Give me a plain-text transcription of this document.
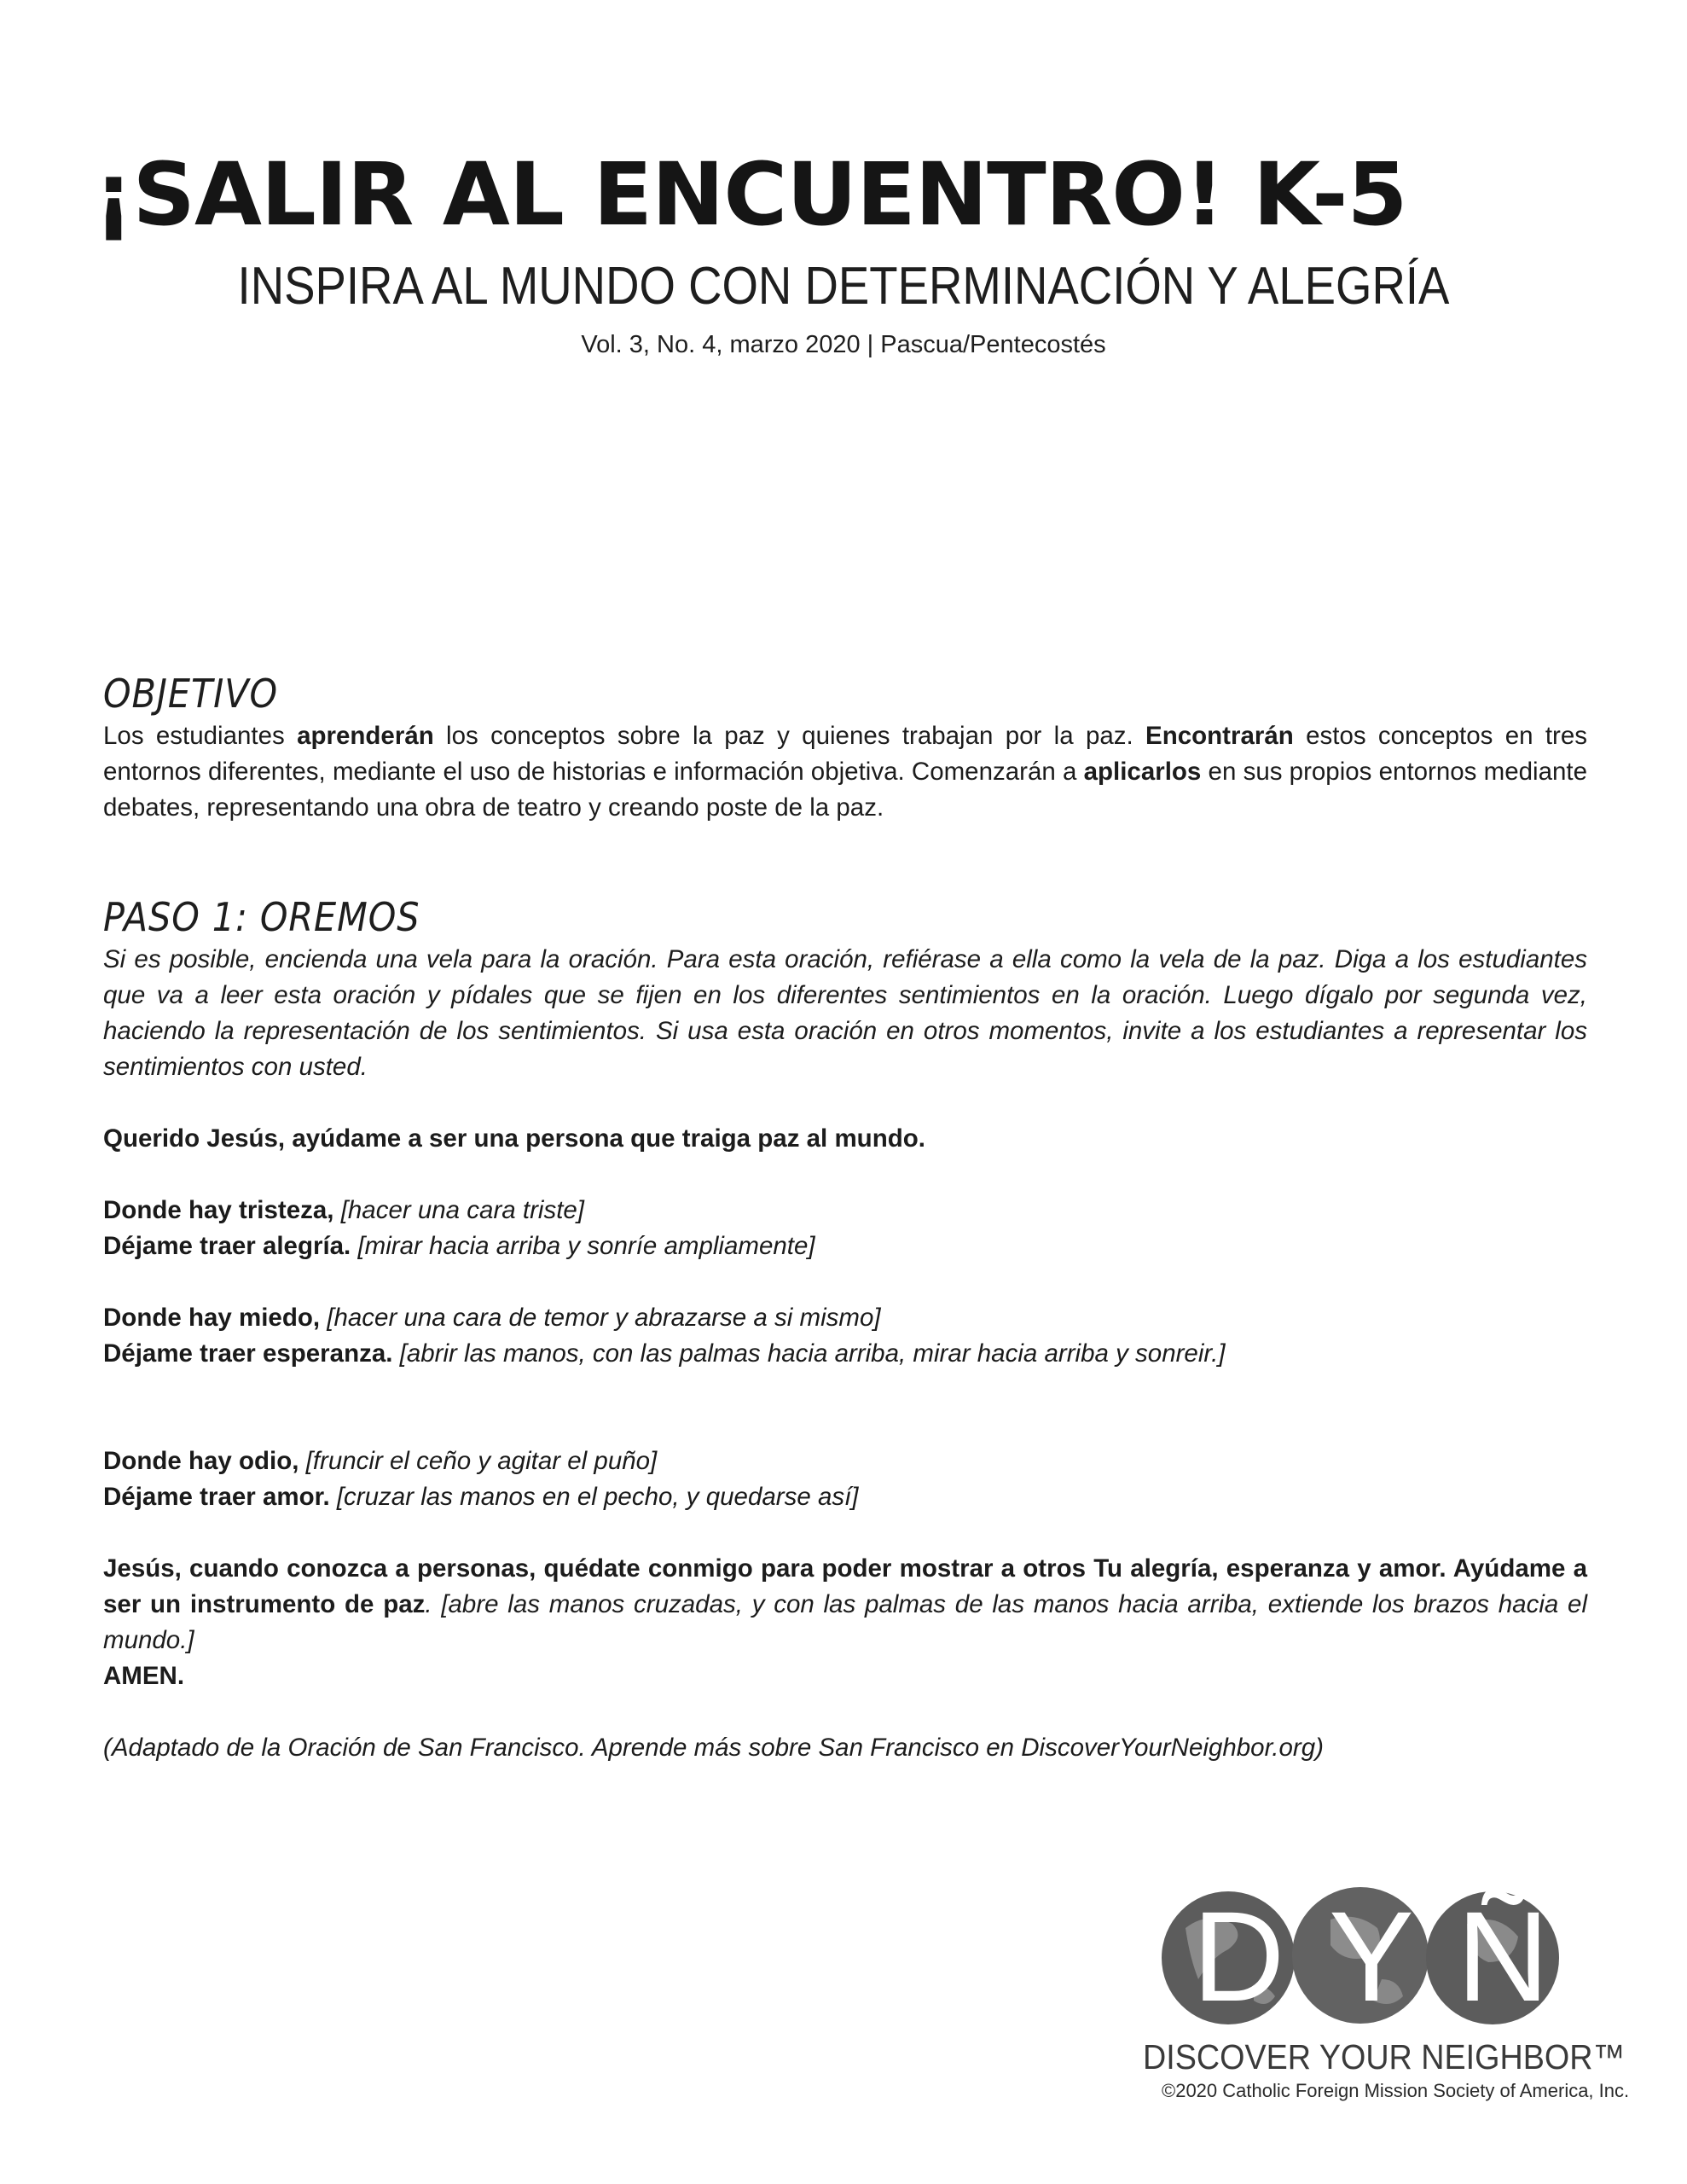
¡SALIR AL ENCUENTRO! K-5
INSPIRA AL MUNDO CON DETERMINACIÓN Y ALEGRÍA
Vol. 3, No. 4, marzo 2020 | Pascua/Pentecostés
OBJETIVO

Los estudiantes aprenderán los conceptos sobre la paz y quienes trabajan por la paz. Encontrarán estos conceptos en tres entornos diferentes, mediante el uso de historias e información objetiva. Comenzarán a aplicarlos en sus propios entornos mediante debates, representando una obra de teatro y creando poste de la paz.

PASO 1: OREMOS

Si es posible, encienda una vela para la oración. Para esta oración, refiérase a ella como la vela de la paz. Diga a los estudiantes que va a leer esta oración y pídales que se fijen en los diferentes sentimientos en la oración. Luego dígalo por segunda vez, haciendo la representación de los sentimientos. Si usa esta oración en otros momentos, invite a los estudiantes a representar los sentimientos con usted.

Querido Jesús, ayúdame a ser una persona que traiga paz al mundo.

Donde hay tristeza, [hacer una cara triste]
Déjame traer alegría. [mirar hacia arriba y sonríe ampliamente]
Donde hay miedo, [hacer una cara de temor y abrazarse a si mismo]
Déjame traer esperanza. [abrir las manos, con las palmas hacia arriba, mirar hacia arriba y sonreir.]
Donde hay odio, [fruncir el ceño y agitar el puño]
Déjame traer amor. [cruzar las manos en el pecho, y quedarse así]

Jesús, cuando conozca a personas, quédate conmigo para poder mostrar a otros Tu alegría, esperanza y amor. Ayúdame a ser un instrumento de paz. [abre las manos cruzadas, y con las palmas de las manos hacia arriba, extiende los brazos hacia el mundo.]

AMEN.

(Adaptado de la Oración de San Francisco. Aprende más sobre San Francisco en DiscoverYourNeighbor.org)

D Y Ñ
DISCOVER YOUR NEIGHBOR™
©2020 Catholic Foreign Mission Society of America, Inc.
